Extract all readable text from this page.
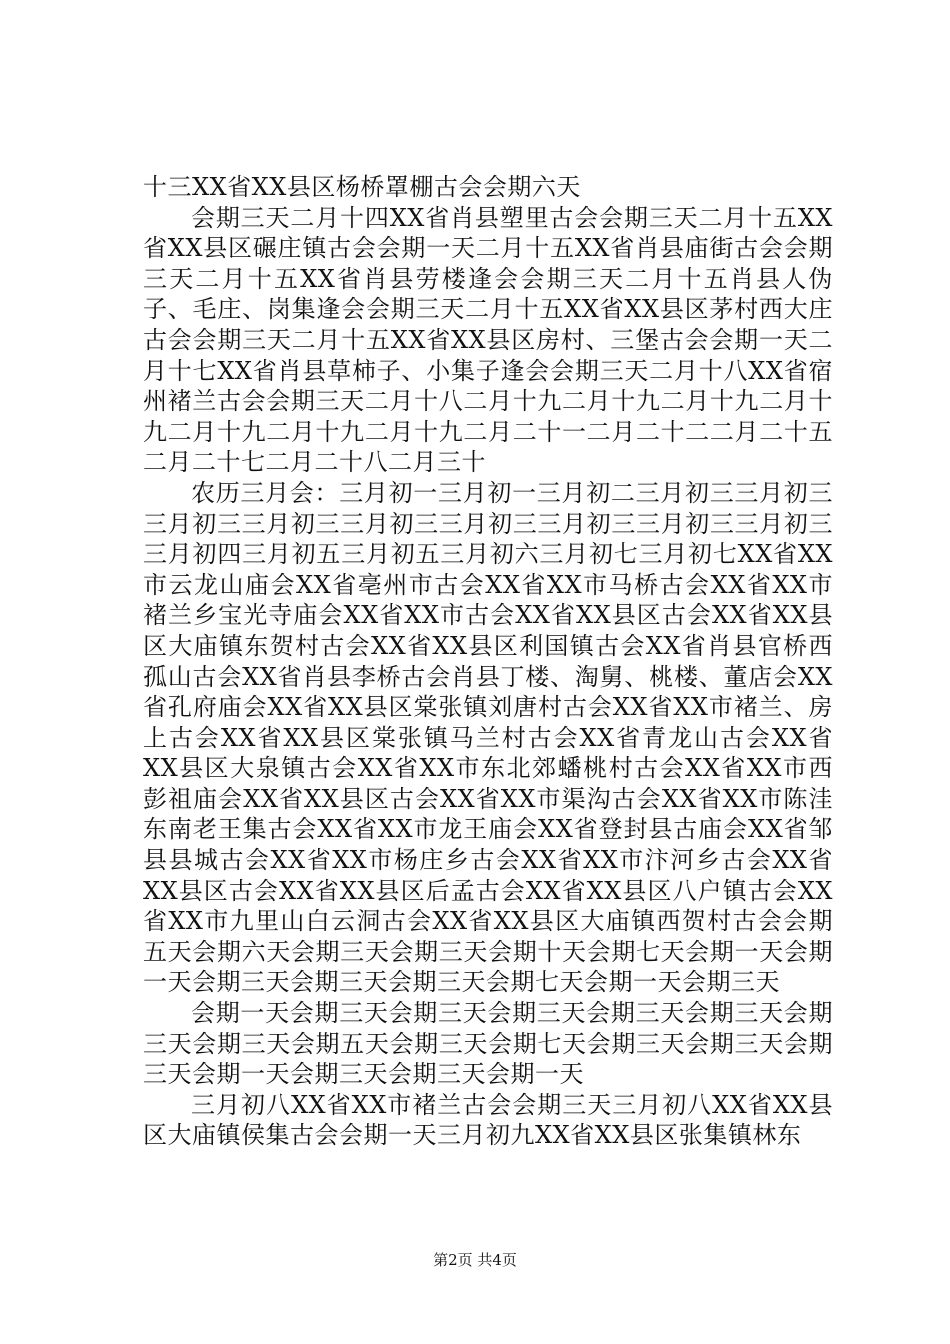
十三XX省XX县区杨桥罩棚古会会期六天

会期三天二月十四XX省肖县塑里古会会期三天二月十五XX省XX县区碾庄镇古会会期一天二月十五XX省肖县庙街古会会期三天二月十五XX省肖县劳楼逢会会期三天二月十五肖县人伪子、毛庄、岗集逢会会期三天二月十五XX省XX县区茅村西大庄古会会期三天二月十五XX省XX县区房村、三堡古会会期一天二月十七XX省肖县草柿子、小集子逢会会期三天二月十八XX省宿州褚兰古会会期三天二月十八二月十九二月十九二月十九二月十九二月十九二月十九二月十九二月二十一二月二十二二月二十五二月二十七二月二十八二月三十

农历三月会：三月初一三月初一三月初二三月初三三月初三三月初三三月初三三月初三三月初三三月初三三月初三三月初三三月初四三月初五三月初五三月初六三月初七三月初七XX省XX市云龙山庙会XX省亳州市古会XX省XX市马桥古会XX省XX市褚兰乡宝光寺庙会XX省XX市古会XX省XX县区古会XX省XX县区大庙镇东贺村古会XX省XX县区利国镇古会XX省肖县官桥西孤山古会XX省肖县李桥古会肖县丁楼、淘舅、桃楼、董店会XX省孔府庙会XX省XX县区棠张镇刘唐村古会XX省XX市褚兰、房上古会XX省XX县区棠张镇马兰村古会XX省青龙山古会XX省XX县区大泉镇古会XX省XX市东北郊蟠桃村古会XX省XX市西彭祖庙会XX省XX县区古会XX省XX市渠沟古会XX省XX市陈洼东南老王集古会XX省XX市龙王庙会XX省登封县古庙会XX省邹县县城古会XX省XX市杨庄乡古会XX省XX市汴河乡古会XX省XX县区古会XX省XX县区后孟古会XX省XX县区八户镇古会XX省XX市九里山白云洞古会XX省XX县区大庙镇西贺村古会会期五天会期六天会期三天会期三天会期十天会期七天会期一天会期一天会期三天会期三天会期三天会期七天会期一天会期三天

会期一天会期三天会期三天会期三天会期三天会期三天会期三天会期三天会期五天会期三天会期七天会期三天会期三天会期三天会期一天会期三天会期三天会期一天

三月初八XX省XX市褚兰古会会期三天三月初八XX省XX县区大庙镇侯集古会会期一天三月初九XX省XX县区张集镇林东

第2页 共4页
